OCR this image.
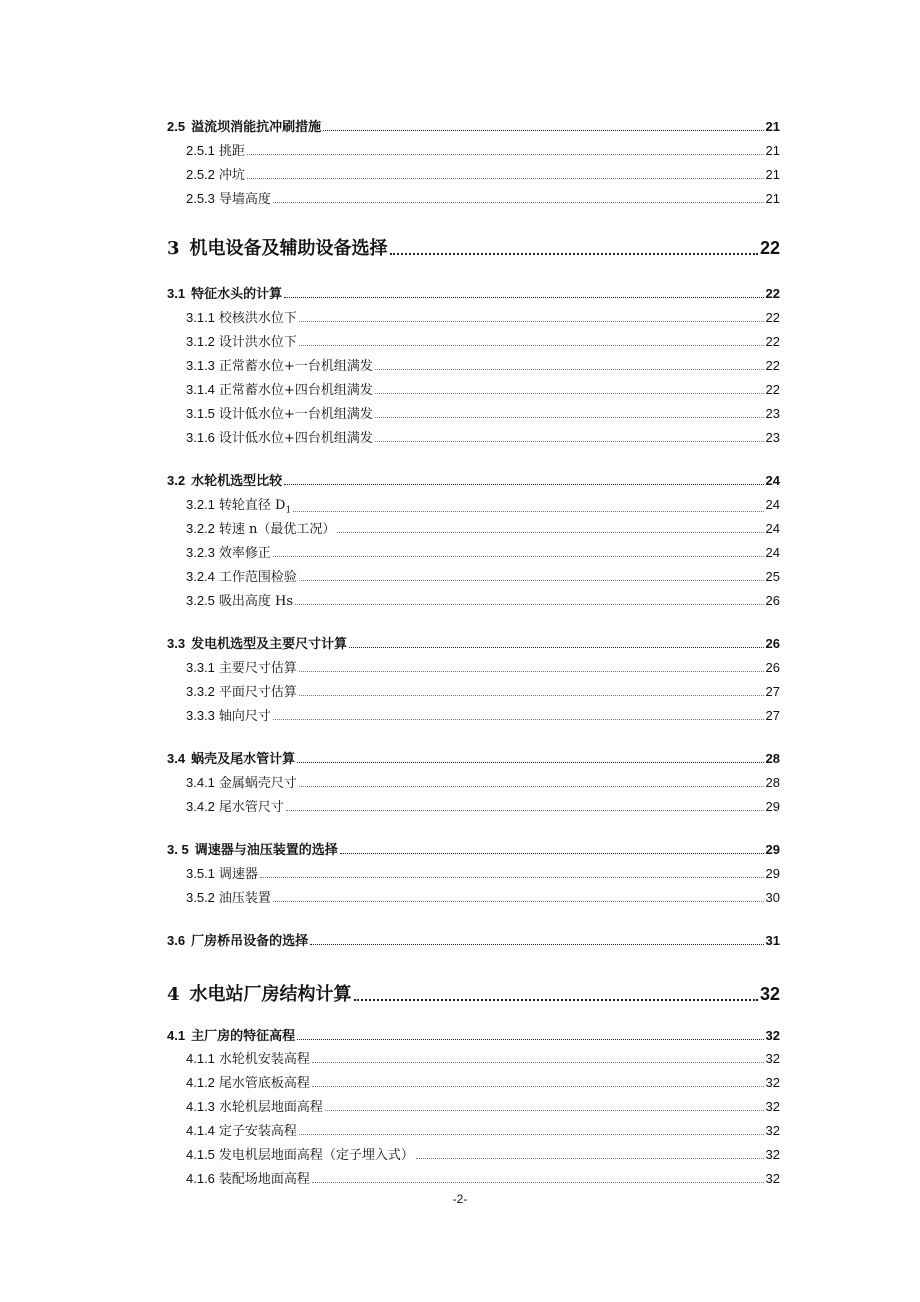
2.5 溢流坝消能抗冲刷措施	21
2.5.1 挑距	21
2.5.2 冲坑	21
2.5.3 导墙高度	21
3 机电设备及辅助设备选择	22
3.1 特征水头的计算	22
3.1.1 校核洪水位下	22
3.1.2 设计洪水位下	22
3.1.3 正常蓄水位+一台机组满发	22
3.1.4 正常蓄水位+四台机组满发	22
3.1.5 设计低水位+一台机组满发	23
3.1.6 设计低水位+四台机组满发	23
3.2 水轮机选型比较	24
3.2.1 转轮直径 $D_1$	24
3.2.2 转速 n（最优工况）	24
3.2.3 效率修正	24
3.2.4 工作范围检验	25
3.2.5 吸出高度 Hs	26
3.3 发电机选型及主要尺寸计算	26
3.3.1 主要尺寸估算	26
3.3.2 平面尺寸估算	27
3.3.3 轴向尺寸	27
3.4 蜗壳及尾水管计算	28
3.4.1 金属蜗壳尺寸	28
3.4.2 尾水管尺寸	29
3. 5 调速器与油压装置的选择	29
3.5.1 调速器	29
3.5.2 油压装置	30
3.6 厂房桥吊设备的选择	31
4 水电站厂房结构计算	32
4.1 主厂房的特征高程	32
4.1.1 水轮机安装高程	32
4.1.2 尾水管底板高程	32
4.1.3 水轮机层地面高程	32
4.1.4 定子安装高程	32
4.1.5 发电机层地面高程（定子埋入式）	32
4.1.6 装配场地面高程	32
-2-
